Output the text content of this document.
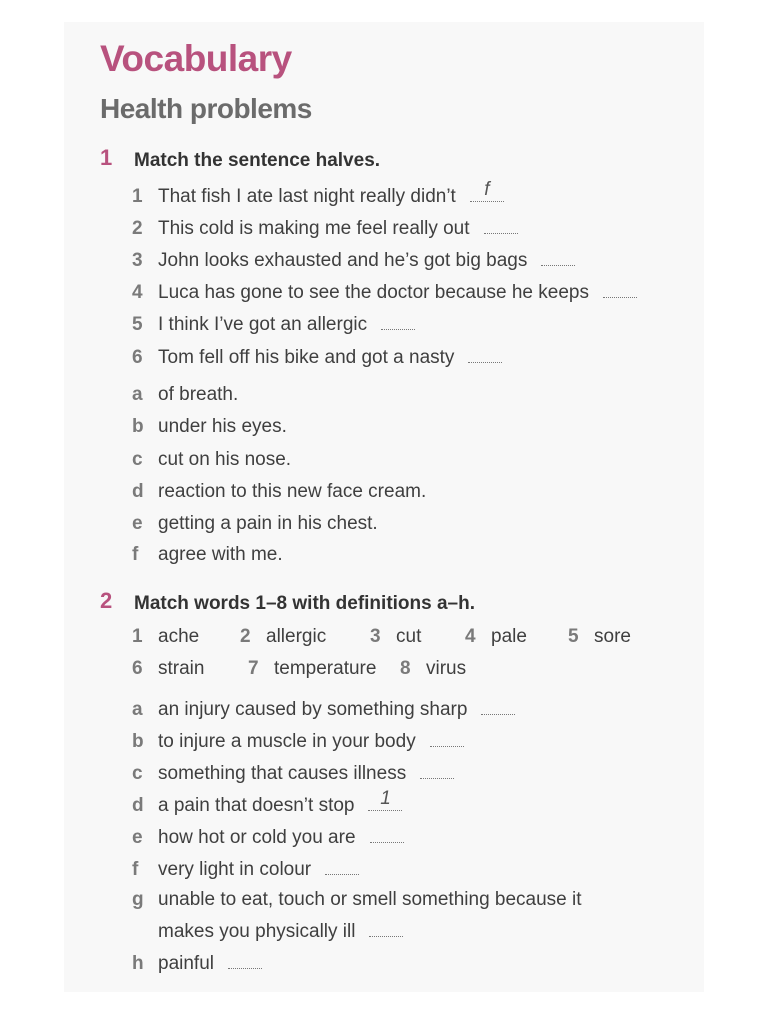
Vocabulary
Health problems
1 Match the sentence halves.
2 Match words 1–8 with definitions a–h.
1 That fish I ate last night really didn’t	f
2 This cold is making me feel really out
3 John looks exhausted and he’s got big bags
4 Luca has gone to see the doctor because he keeps
5 I think I’ve got an allergic
6 Tom fell off his bike and got a nasty
a of breath.
b under his eyes.
c cut on his nose.
d reaction to this new face cream.
e getting a pain in his chest.
f agree with me.
1 ache 2 allergic 3 cut 4 pale 5 sore
6 strain 7 temperature 8 virus
a an injury caused by something sharp
b to injure a muscle in your body
c something that causes illness
d a pain that doesn’t stop	1
e how hot or cold you are
f very light in colour
g unable to eat, touch or smell something because it
makes you physically ill
h painful
